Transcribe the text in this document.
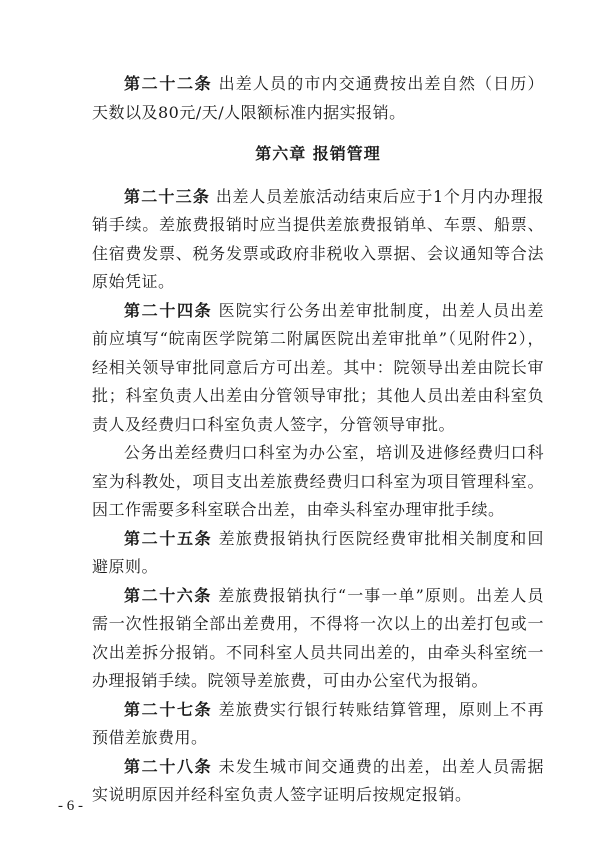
第二十二条 出差人员的市内交通费按出差自然（日历）天数以及80元/天/人限额标准内据实报销。

第六章 报销管理

第二十三条 出差人员差旅活动结束后应于1个月内办理报销手续。差旅费报销时应当提供差旅费报销单、车票、船票、住宿费发票、税务发票或政府非税收入票据、会议通知等合法原始凭证。

第二十四条 医院实行公务出差审批制度，出差人员出差前应填写“皖南医学院第二附属医院出差审批单”（见附件2），经相关领导审批同意后方可出差。其中：院领导出差由院长审批；科室负责人出差由分管领导审批；其他人员出差由科室负责人及经费归口科室负责人签字，分管领导审批。

公务出差经费归口科室为办公室，培训及进修经费归口科室为科教处，项目支出差旅费经费归口科室为项目管理科室。因工作需要多科室联合出差，由牵头科室办理审批手续。

第二十五条 差旅费报销执行医院经费审批相关制度和回避原则。

第二十六条 差旅费报销执行“一事一单”原则。出差人员需一次性报销全部出差费用，不得将一次以上的出差打包或一次出差拆分报销。不同科室人员共同出差的，由牵头科室统一办理报销手续。院领导差旅费，可由办公室代为报销。

第二十七条 差旅费实行银行转账结算管理，原则上不再预借差旅费用。

第二十八条 未发生城市间交通费的出差，出差人员需据实说明原因并经科室负责人签字证明后按规定报销。

- 6 -
